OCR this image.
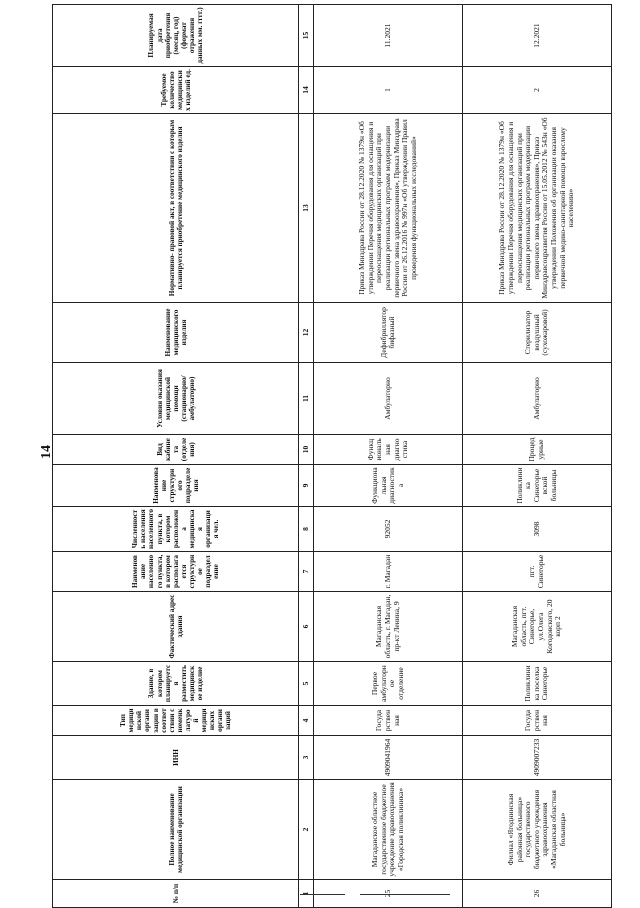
14
№ п/п	Полное наименование медицинской организации	ИНН	Тип медицинской организации в соответствии с номенклатурой медицинских организаций	Здание, в котором планируется разместить медицинское изделие	Фактический адрес здания	Наименование населенного пункта, в котором располагается структурное подразделение	Численность населения населенного пункта, в котором расположена медицинская организация чел.	Наименование структурного подразделения	Вид кабинета (отделения)	Условия оказания медицинской помощи (стационарно/амбулаторно)	Наименование медицинского изделия	Нормативно- правовой акт, в соответствии с которым планируется приобретение медицинского изделия	Требуемое количество медицинских изделий ед.	Планируемая дата приобретения (месяц, год) (формат отражения данных мм. гггг.)
1	2	3	4	5	6	7	8	9	10	11	12	13	14	15
25	Магаданское областное государственное бюджетное учреждение здравоохранения «Городская поликлиника»	4909041964	Государственная	Первое амбулаторное отделение	Магаданская область, г. Магадан, пр-кт Ленина, 9	г. Магадан	92052	Функциональная диагностика	Функциональная диагностика	Амбулаторно	Дефибриллятор бифазный	Приказ Минздрава России от 28.12.2020 № 1379н «Об утверждении Перечня оборудования для оснащения и переоснащения медицинских организаций при реализации региональных программ модернизации первичного звена здравоохранения», Приказ Минздрава России от 26.12.2016 № 997н «Об утверждении Правил проведения функциональных исследований»	1	11.2021
26	Филиал «Ягоднинская районная больница» государственного бюджетного учреждения здравоохранения «Магаданская областная больница»	4909007233	Государственная	Поликлиника поселка Синегорье	Магаданская область, пгт. Синегорье, ул.Олега Когодовского, 20 корп 2	пгт. Синегорье	3098	Поликлиника Синегорьевской больницы	Процедурные	Амбулаторно	Стерилизатор воздушный (сухожаровой)	Приказ Минздрава России от 28.12.2020 № 1379н «Об утверждении Перечня оборудования для оснащения и переоснащения медицинских организаций при реализации региональных программ модернизации первичного звена здравоохранения», Приказ Минздравсоцразвития России от 15.05.2012 № 543н «Об утверждении Положения об организации оказания первичной медико-санитарной помощи взрослому населению»	2	12.2021
